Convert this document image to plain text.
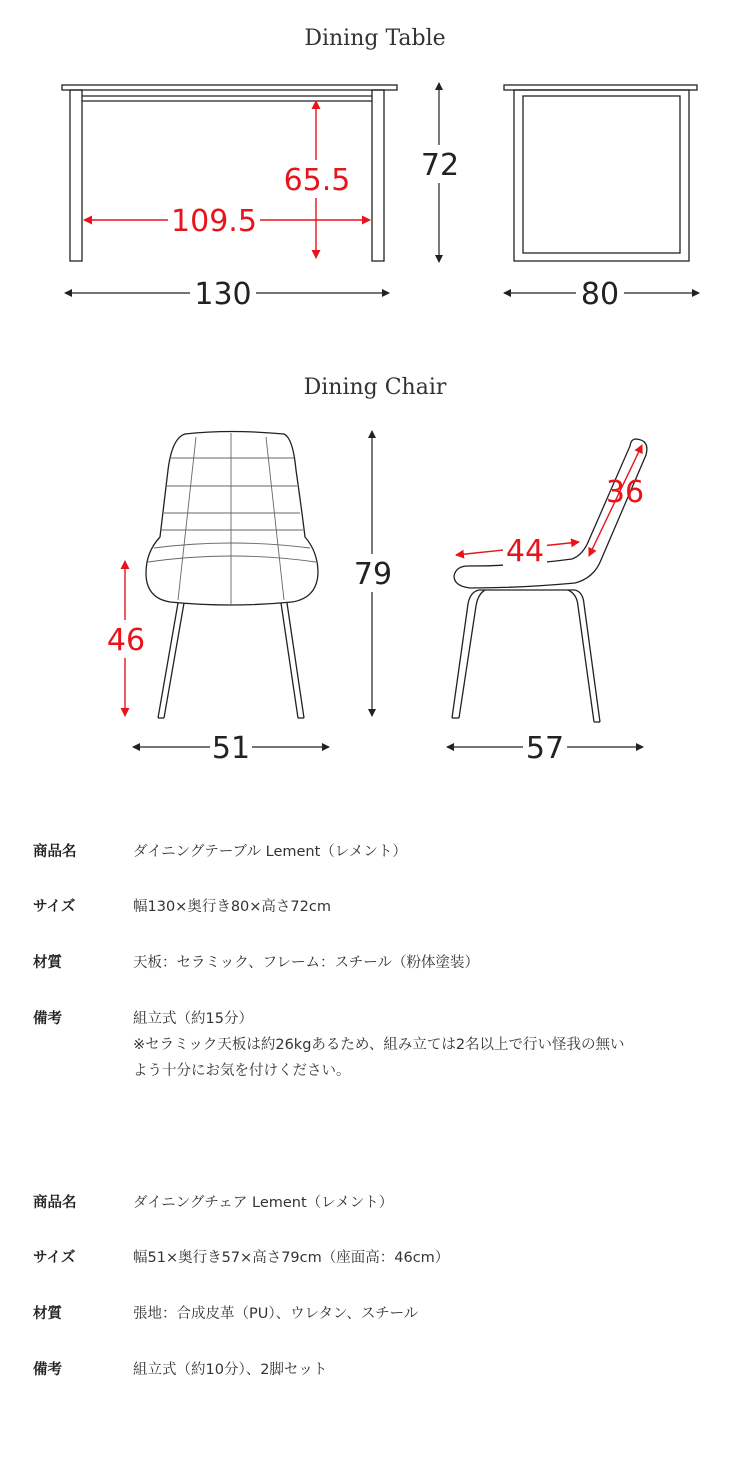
Dining Table
Dining Chair
65.5
109.5
130
72
80
46
51
79
36
44
57
商品名	ダイニングテーブル Lement（レメント）
サイズ	幅130×奥行き80×高さ72cm
材質	天板：セラミック、フレーム：スチール（粉体塗装）
備考	組立式（約15分）
※セラミック天板は約26kgあるため、組み立ては2名以上で行い怪我の無い
よう十分にお気を付けください。
商品名	ダイニングチェア Lement（レメント）
サイズ	幅51×奥行き57×高さ79cm（座面高：46cm）
材質	張地：合成皮革（PU）、ウレタン、スチール
備考	組立式（約10分）、2脚セット
